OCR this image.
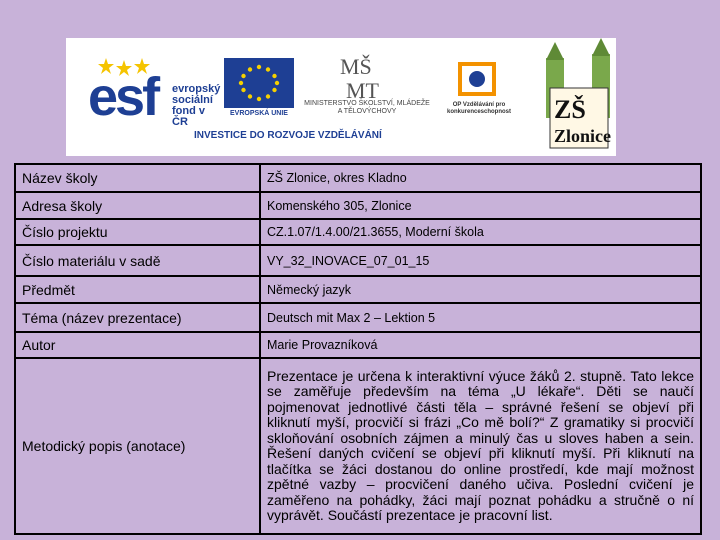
esf evropský
sociální
fond v ČR
EVROPSKÁ UNIE
MŠ
MT
MINISTERSTVO ŠKOLSTVÍ, MLÁDEŽE A TĚLOVÝCHOVY
OP Vzdělávání pro konkurenceschopnost	ZŠ
Zlonice
INVESTICE DO ROZVOJE VZDĚLÁVÁNÍ
Název školy	ZŠ Zlonice, okres Kladno
Adresa školy	Komenského 305, Zlonice
Číslo projektu	CZ.1.07/1.4.00/21.3655, Moderní škola
Číslo materiálu v sadě	VY_32_INOVACE_07_01_15
Předmět	Německý jazyk
Téma (název prezentace)	Deutsch mit Max 2 – Lektion 5
Autor	Marie Provazníková
Metodický popis (anotace)	Prezentace je určena k interaktivní výuce žáků 2. stupně. Tato lekce se zaměřuje především na téma „U lékaře“. Děti se naučí pojmenovat jednotlivé části těla – správné řešení se objeví při kliknutí myší, procvičí si frázi „Co mě bolí?“ Z gramatiky si procvičí skloňování osobních zájmen a minulý čas u sloves haben a sein. Řešení daných cvičení se objeví při kliknutí myší. Při kliknutí na tlačítka se žáci dostanou do online prostředí, kde mají možnost zpětné vazby – procvičení daného učiva. Poslední cvičení je zaměřeno na pohádky, žáci mají poznat pohádku a stručně o ní vyprávět. Součástí prezentace je pracovní list.
